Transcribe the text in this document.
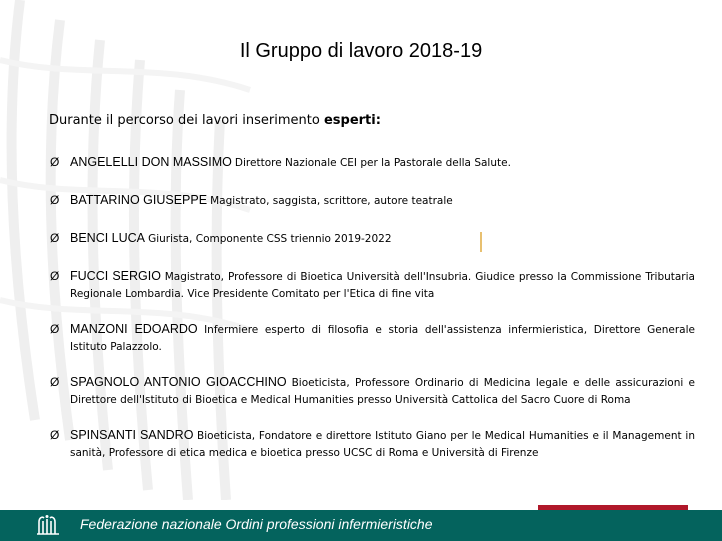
Il Gruppo di lavoro 2018-19
Durante il percorso dei lavori inserimento esperti:
Ø ANGELELLI DON MASSIMO Direttore Nazionale CEI per la Pastorale della Salute.
Ø BATTARINO GIUSEPPE Magistrato, saggista, scrittore, autore teatrale
Ø BENCI LUCA Giurista, Componente CSS triennio 2019-2022
Ø FUCCI SERGIO Magistrato, Professore di Bioetica Università dell'Insubria. Giudice presso la Commissione Tributaria Regionale Lombardia. Vice Presidente Comitato per l'Etica di fine vita
Ø MANZONI EDOARDO Infermiere esperto di filosofia e storia dell'assistenza infermieristica, Direttore Generale Istituto Palazzolo.
Ø SPAGNOLO ANTONIO GIOACCHINO Bioeticista, Professore Ordinario di Medicina legale e delle assicurazioni e Direttore dell'Istituto di Bioetica e Medical Humanities presso Università Cattolica del Sacro Cuore di Roma
Ø SPINSANTI SANDRO Bioeticista, Fondatore e direttore Istituto Giano per le Medical Humanities e il Management in sanità, Professore di etica medica e bioetica presso UCSC di Roma e Università di Firenze
Federazione nazionale Ordini professioni infermieristiche
